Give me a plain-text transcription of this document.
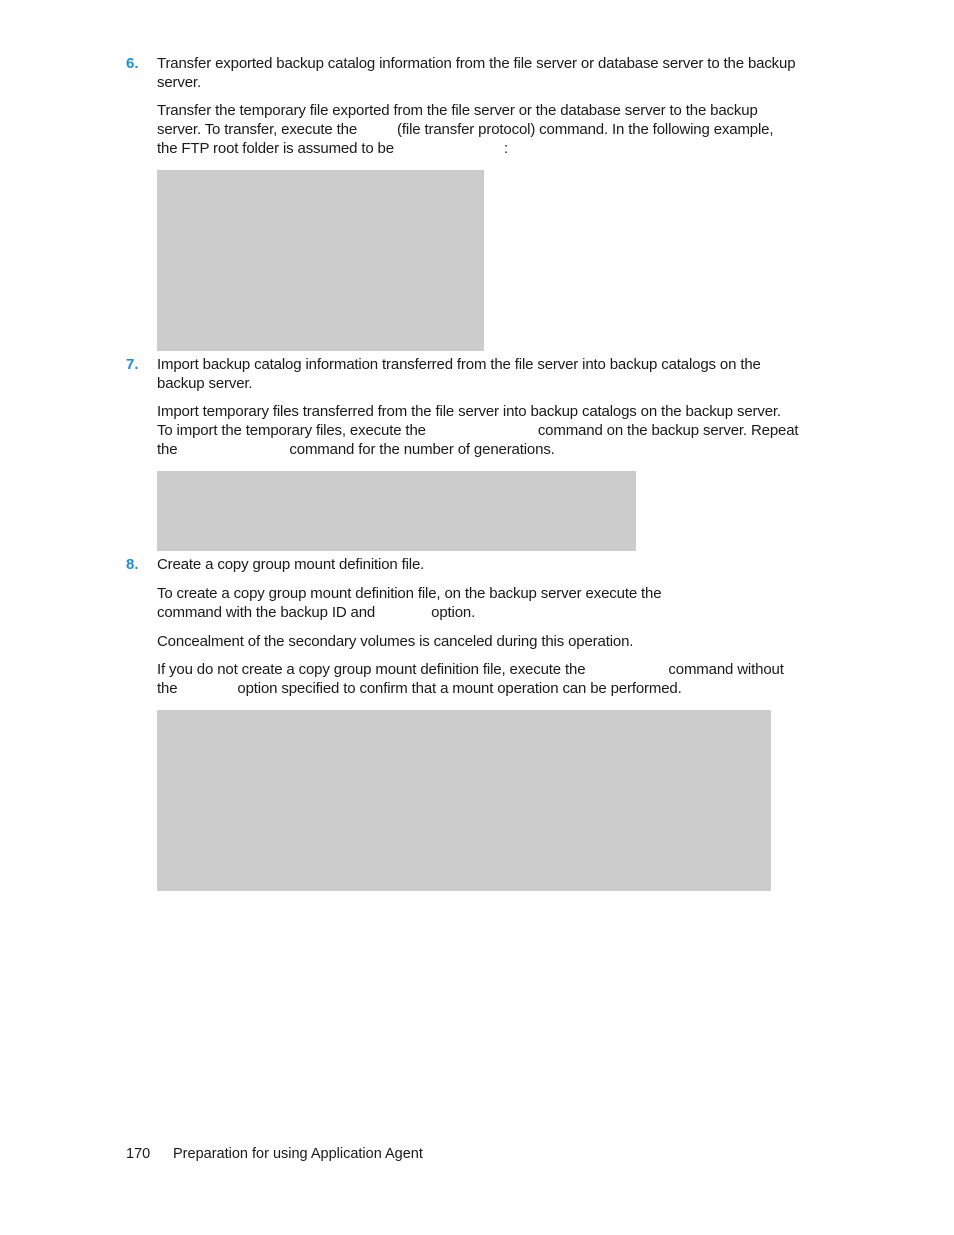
6. Transfer exported backup catalog information from the file server or database server to the backup
server.
Transfer the temporary file exported from the file server or the database server to the backup
server. To transfer, execute the	(file transfer protocol) command. In the following example,
the FTP root folder is assumed to be	:
7. Import backup catalog information transferred from the file server into backup catalogs on the
backup server.
Import temporary files transferred from the file server into backup catalogs on the backup server.
To import the temporary files, execute the	command on the backup server. Repeat
the	command for the number of generations.
8. Create a copy group mount definition file.
To create a copy group mount definition file, on the backup server execute the
command with the backup ID and	option.
Concealment of the secondary volumes is canceled during this operation.
If you do not create a copy group mount definition file, execute the	command without
the	option specified to confirm that a mount operation can be performed.
170 Preparation for using Application Agent
